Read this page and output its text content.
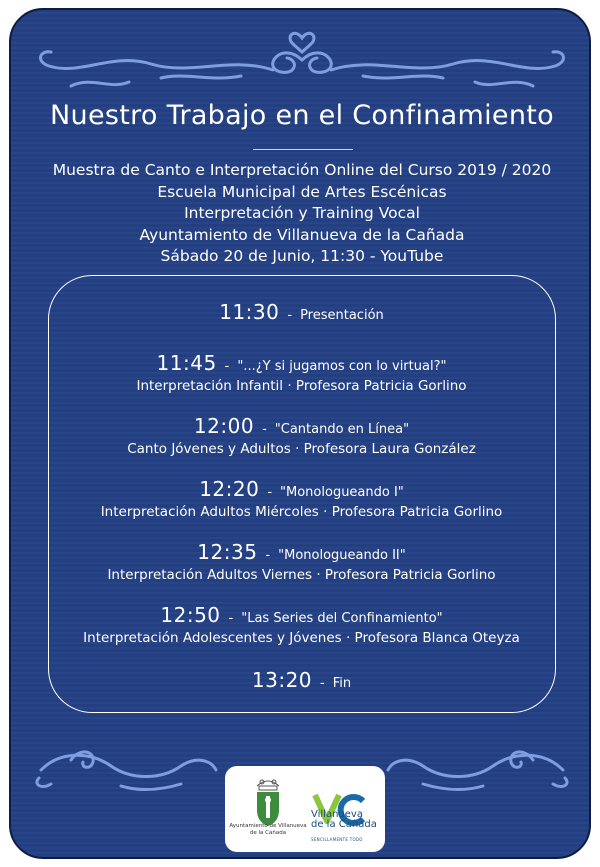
Nuestro Trabajo en el Confinamiento
Muestra de Canto e Interpretación Online del Curso 2019 / 2020
Escuela Municipal de Artes Escénicas
Interpretación y Training Vocal
Ayuntamiento de Villanueva de la Cañada
Sábado 20 de Junio, 11:30 - YouTube
11:30 - Presentación
11:45 - "...¿Y si jugamos con lo virtual?"
Interpretación Infantil · Profesora Patricia Gorlino
12:00 - "Cantando en Línea"
Canto Jóvenes y Adultos · Profesora Laura González
12:20 - "Monologueando I"
Interpretación Adultos Miércoles · Profesora Patricia Gorlino
12:35 - "Monologueando II"
Interpretación Adultos Viernes · Profesora Patricia Gorlino
12:50 - "Las Series del Confinamiento"
Interpretación Adolescentes y Jóvenes · Profesora Blanca Oteyza
13:20 - Fin
Ayuntamiento de Villanueva de la Cañada
Villanueva
de la Cañada
SENCILLAMENTE TODO
